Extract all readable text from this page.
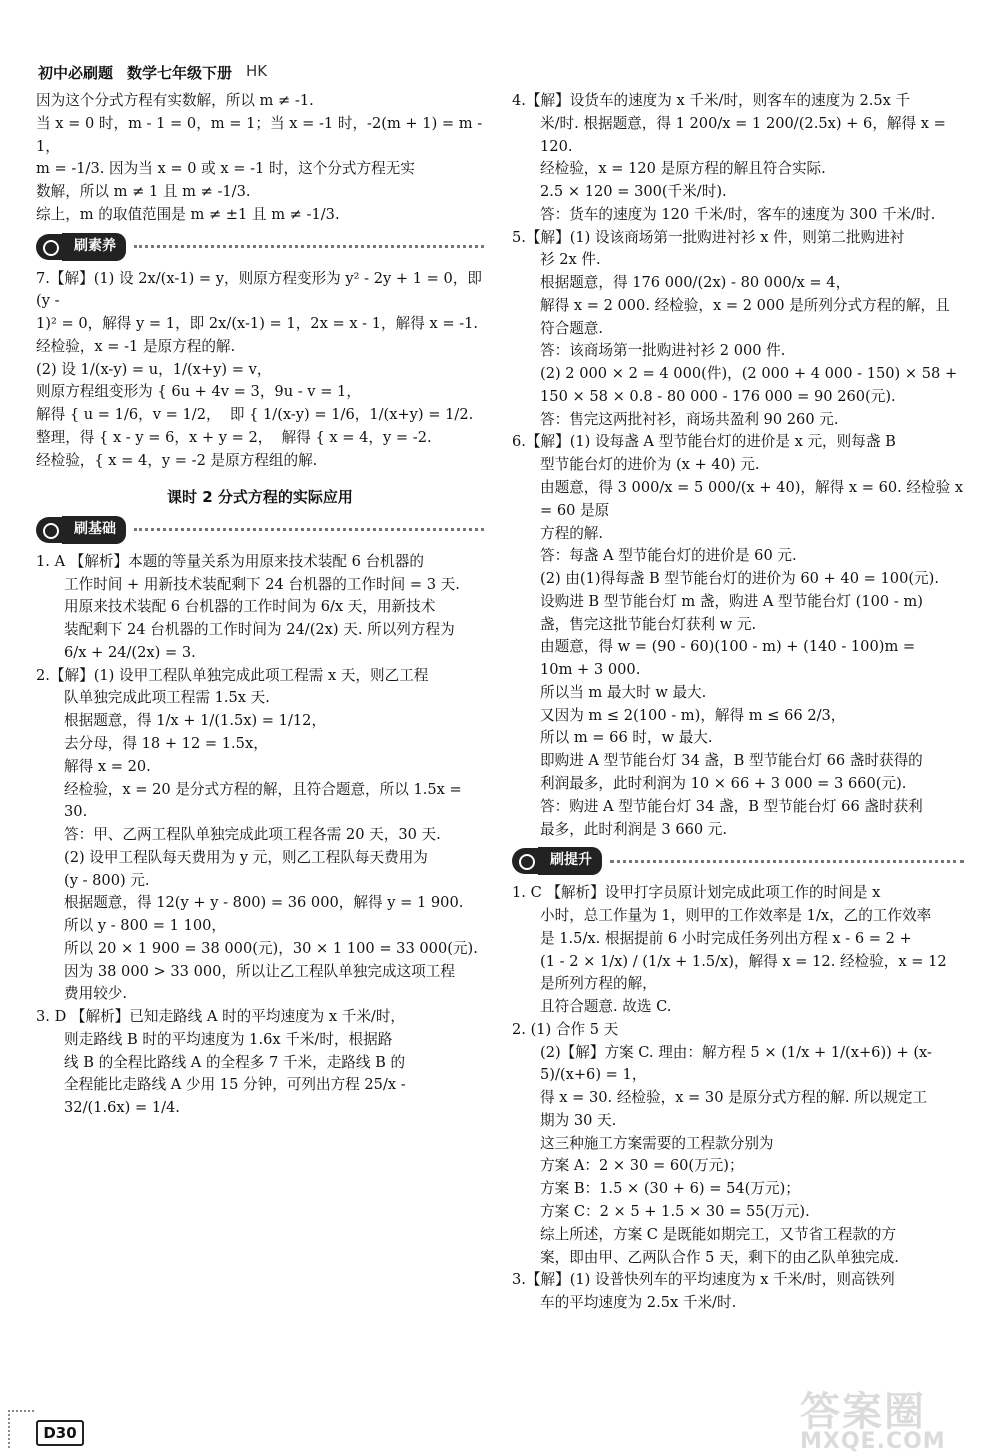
初中必刷题 数学七年级下册 HK

因为这个分式方程有实数解，所以 m ≠ -1.

当 x = 0 时，m - 1 = 0，m = 1；当 x = -1 时，-2(m + 1) = m - 1，

m = -1/3. 因为当 x = 0 或 x = -1 时，这个分式方程无实

数解，所以 m ≠ 1 且 m ≠ -1/3.

综上，m 的取值范围是 m ≠ ±1 且 m ≠ -1/3.

刷素养

7.【解】(1) 设 2x/(x-1) = y，则原方程变形为 y² - 2y + 1 = 0，即(y -

1)² = 0，解得 y = 1，即 2x/(x-1) = 1，2x = x - 1，解得 x = -1.

经检验，x = -1 是原方程的解.

(2) 设 1/(x-y) = u，1/(x+y) = v，

则原方程组变形为 { 6u + 4v = 3，9u - v = 1，

解得 { u = 1/6，v = 1/2，  即 { 1/(x-y) = 1/6，1/(x+y) = 1/2.

整理，得 { x - y = 6，x + y = 2，  解得 { x = 4，y = -2.

经检验，{ x = 4，y = -2 是原方程组的解.

课时 2 分式方程的实际应用
刷基础

1. A 【解析】本题的等量关系为用原来技术装配 6 台机器的

工作时间 + 用新技术装配剩下 24 台机器的工作时间 = 3 天.

用原来技术装配 6 台机器的工作时间为 6/x 天，用新技术

装配剩下 24 台机器的工作时间为 24/(2x) 天. 所以列方程为

6/x + 24/(2x) = 3.

2.【解】(1) 设甲工程队单独完成此项工程需 x 天，则乙工程

队单独完成此项工程需 1.5x 天.

根据题意，得 1/x + 1/(1.5x) = 1/12，

去分母，得 18 + 12 = 1.5x，

解得 x = 20.

经检验，x = 20 是分式方程的解，且符合题意，所以 1.5x = 30.

答：甲、乙两工程队单独完成此项工程各需 20 天，30 天.

(2) 设甲工程队每天费用为 y 元，则乙工程队每天费用为

(y - 800) 元.

根据题意，得 12(y + y - 800) = 36 000，解得 y = 1 900.

所以 y - 800 = 1 100，

所以 20 × 1 900 = 38 000(元)，30 × 1 100 = 33 000(元).

因为 38 000 > 33 000，所以让乙工程队单独完成这项工程

费用较少.

3. D 【解析】已知走路线 A 时的平均速度为 x 千米/时，

则走路线 B 时的平均速度为 1.6x 千米/时，根据路

线 B 的全程比路线 A 的全程多 7 千米，走路线 B 的

全程能比走路线 A 少用 15 分钟，可列出方程 25/x -

32/(1.6x) = 1/4.

4.【解】设货车的速度为 x 千米/时，则客车的速度为 2.5x 千

米/时. 根据题意，得 1 200/x = 1 200/(2.5x) + 6，解得 x = 120.

经检验，x = 120 是原方程的解且符合实际.

2.5 × 120 = 300(千米/时).

答：货车的速度为 120 千米/时，客车的速度为 300 千米/时.

5.【解】(1) 设该商场第一批购进衬衫 x 件，则第二批购进衬

衫 2x 件.

根据题意，得 176 000/(2x) - 80 000/x = 4，

解得 x = 2 000. 经检验，x = 2 000 是所列分式方程的解，且

符合题意.

答：该商场第一批购进衬衫 2 000 件.

(2) 2 000 × 2 = 4 000(件)，(2 000 + 4 000 - 150) × 58 +

150 × 58 × 0.8 - 80 000 - 176 000 = 90 260(元).

答：售完这两批衬衫，商场共盈利 90 260 元.

6.【解】(1) 设每盏 A 型节能台灯的进价是 x 元，则每盏 B

型节能台灯的进价为 (x + 40) 元.

由题意，得 3 000/x = 5 000/(x + 40)，解得 x = 60. 经检验 x = 60 是原

方程的解.

答：每盏 A 型节能台灯的进价是 60 元.

(2) 由(1)得每盏 B 型节能台灯的进价为 60 + 40 = 100(元).

设购进 B 型节能台灯 m 盏，购进 A 型节能台灯 (100 - m)

盏，售完这批节能台灯获利 w 元.

由题意，得 w = (90 - 60)(100 - m) + (140 - 100)m =

10m + 3 000.

所以当 m 最大时 w 最大.

又因为 m ≤ 2(100 - m)，解得 m ≤ 66 2/3，

所以 m = 66 时，w 最大.

即购进 A 型节能台灯 34 盏，B 型节能台灯 66 盏时获得的

利润最多，此时利润为 10 × 66 + 3 000 = 3 660(元).

答：购进 A 型节能台灯 34 盏，B 型节能台灯 66 盏时获利

最多，此时利润是 3 660 元.

刷提升

1. C 【解析】设甲打字员原计划完成此项工作的时间是 x

小时，总工作量为 1，则甲的工作效率是 1/x，乙的工作效率

是 1.5/x. 根据提前 6 小时完成任务列出方程 x - 6 = 2 +

(1 - 2 × 1/x) / (1/x + 1.5/x)，解得 x = 12. 经检验，x = 12 是所列方程的解，

且符合题意. 故选 C.

2. (1) 合作 5 天

(2)【解】方案 C. 理由：解方程 5 × (1/x + 1/(x+6)) + (x-5)/(x+6) = 1，

得 x = 30. 经检验，x = 30 是原分式方程的解. 所以规定工

期为 30 天.

这三种施工方案需要的工程款分别为

方案 A：2 × 30 = 60(万元)；

方案 B：1.5 × (30 + 6) = 54(万元)；

方案 C：2 × 5 + 1.5 × 30 = 55(万元).

综上所述，方案 C 是既能如期完工，又节省工程款的方

案，即由甲、乙两队合作 5 天，剩下的由乙队单独完成.

3.【解】(1) 设普快列车的平均速度为 x 千米/时，则高铁列

车的平均速度为 2.5x 千米/时.

D30	答案圈
MXQE.COM
